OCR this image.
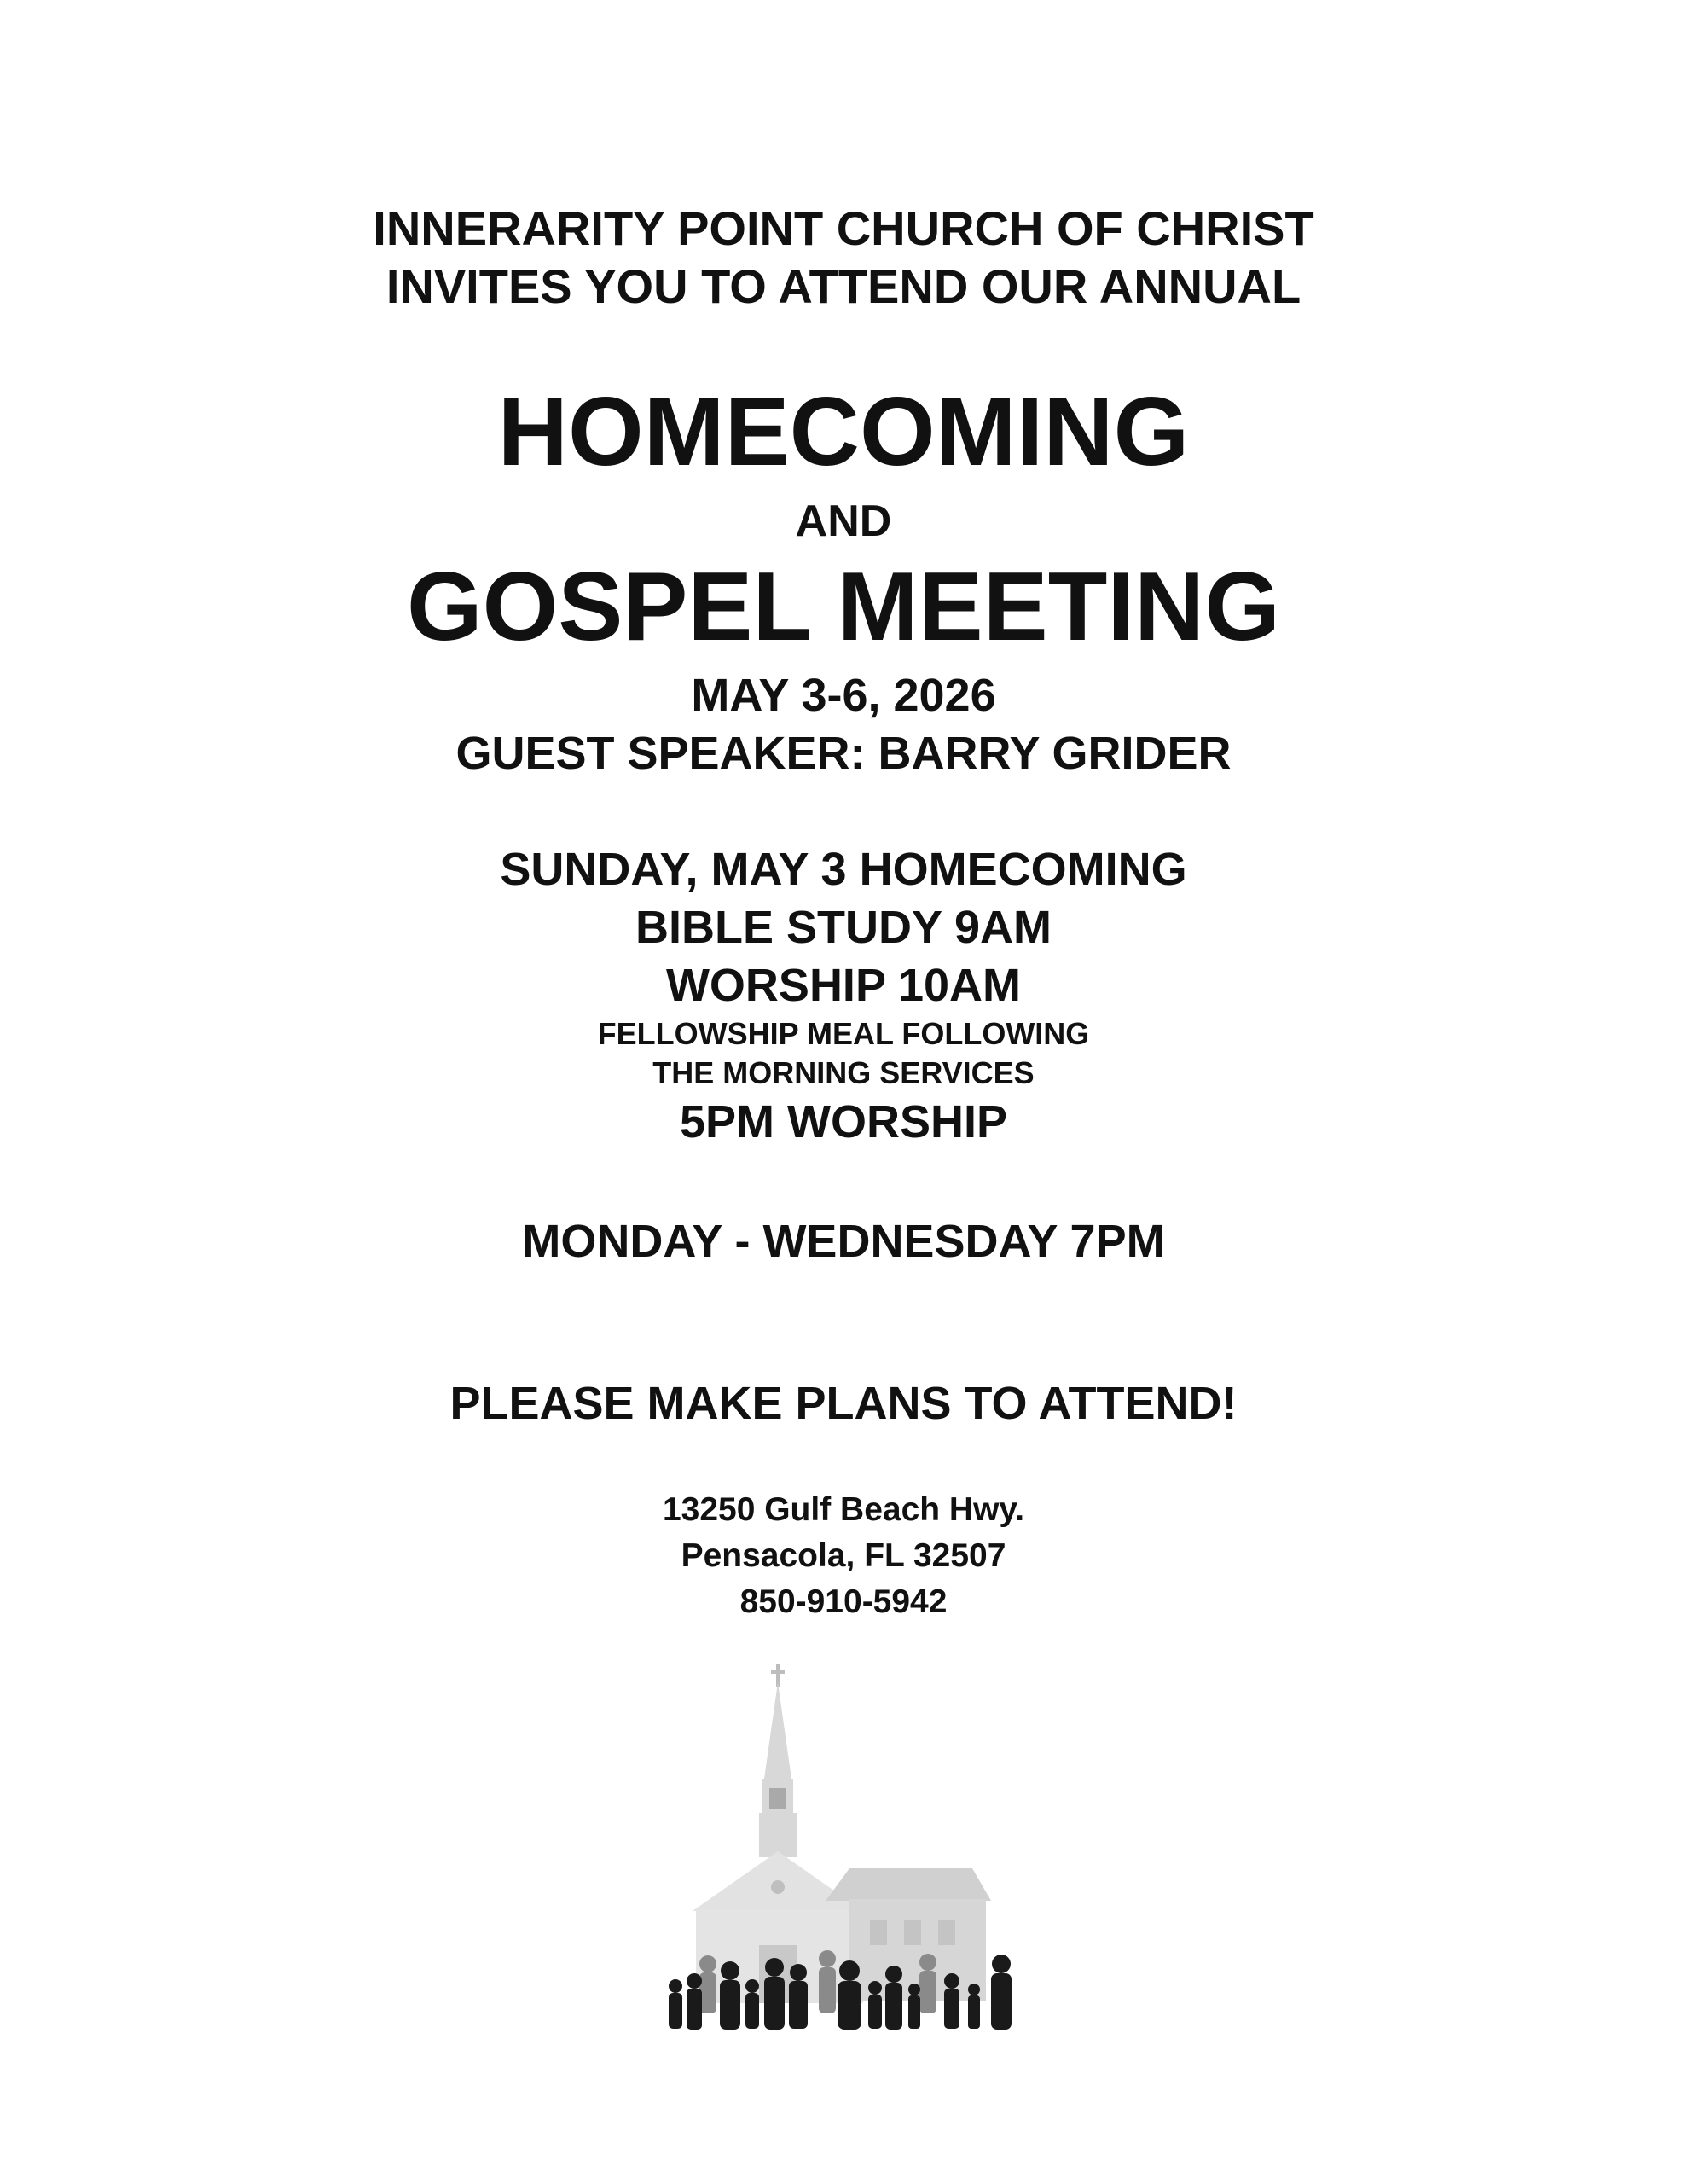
INNERARITY POINT CHURCH OF CHRIST
INVITES YOU TO ATTEND OUR ANNUAL
HOMECOMING
AND
GOSPEL MEETING
MAY 3-6, 2026
GUEST SPEAKER: BARRY GRIDER
SUNDAY, MAY 3 HOMECOMING
BIBLE STUDY 9AM
WORSHIP 10AM
FELLOWSHIP MEAL FOLLOWING
THE MORNING SERVICES
5PM WORSHIP
MONDAY - WEDNESDAY 7PM
PLEASE MAKE PLANS TO ATTEND!
13250 Gulf Beach Hwy.
Pensacola, FL 32507
850-910-5942
